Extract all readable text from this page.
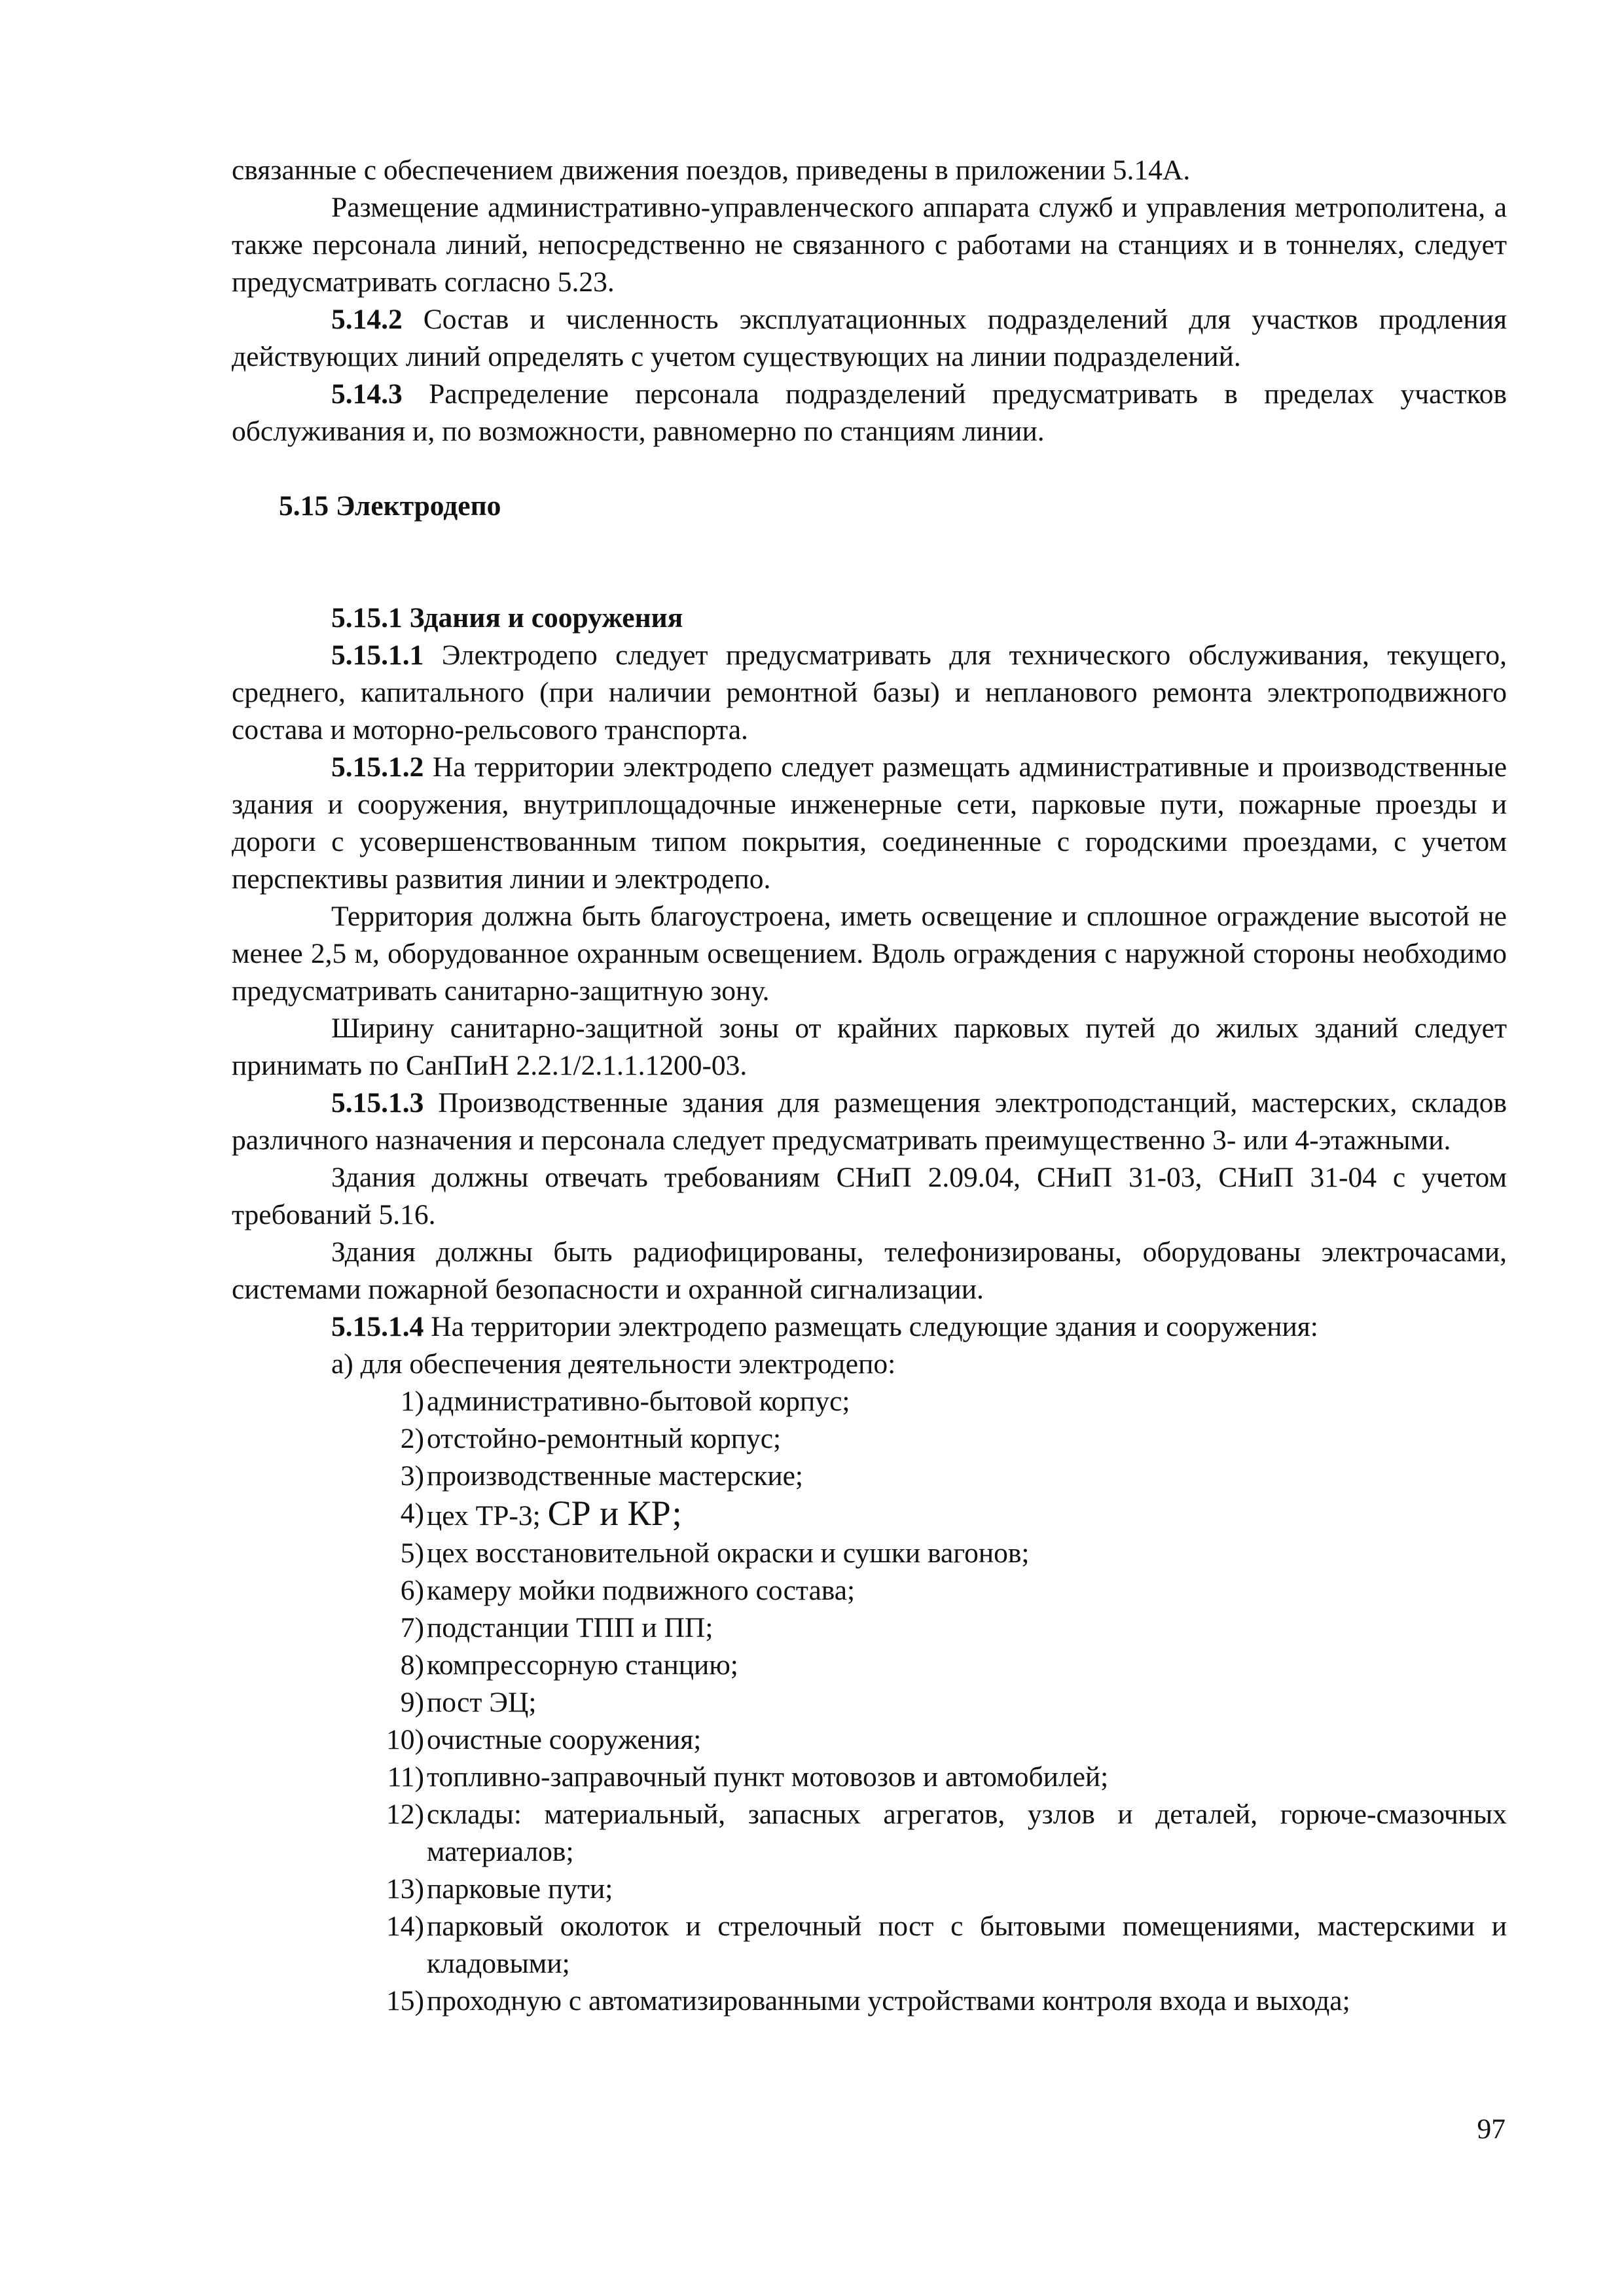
связанные с обеспечением движения поездов, приведены в приложении 5.14А.

Размещение административно-управленческого аппарата служб и управления метрополитена, а также персонала линий, непосредственно не связанного с работами на станциях и в тоннелях, следует предусматривать согласно 5.23.

5.14.2 Состав и численность эксплуатационных подразделений для участков продления действующих линий определять с учетом существующих на линии подразделений.

5.14.3 Распределение персонала подразделений предусматривать в пределах участков обслуживания и, по возможности, равномерно по станциям линии.

5.15 Электродепо

5.15.1 Здания и сооружения

5.15.1.1 Электродепо следует предусматривать для технического обслуживания, текущего, среднего, капитального (при наличии ремонтной базы) и непланового ремонта электроподвижного состава и моторно-рельсового транспорта.

5.15.1.2 На территории электродепо следует размещать административные и производственные здания и сооружения, внутриплощадочные инженерные сети, парковые пути, пожарные проезды и дороги с усовершенствованным типом покрытия, соединенные с городскими проездами, с учетом перспективы развития линии и электродепо.

Территория должна быть благоустроена, иметь освещение и сплошное ограждение высотой не менее 2,5 м, оборудованное охранным освещением. Вдоль ограждения с наружной стороны необходимо предусматривать санитарно-защитную зону.

Ширину санитарно-защитной зоны от крайних парковых путей до жилых зданий следует принимать по СанПиН 2.2.1/2.1.1.1200-03.

5.15.1.3 Производственные здания для размещения электроподстанций, мастерских, складов различного назначения и персонала следует предусматривать преимущественно 3- или 4-этажными.

Здания должны отвечать требованиям СНиП 2.09.04, СНиП 31-03, СНиП 31-04 с учетом требований 5.16.

Здания должны быть радиофицированы, телефонизированы, оборудованы электрочасами, системами пожарной безопасности и охранной сигнализации.

5.15.1.4 На территории электродепо размещать следующие здания и сооружения:

а) для обеспечения деятельности электродепо:

1) административно-бытовой корпус;
2) отстойно-ремонтный корпус;
3) производственные мастерские;
4) цех ТР-3; СР и КР;
5) цех восстановительной окраски и сушки вагонов;
6) камеру мойки подвижного состава;
7) подстанции ТПП и ПП;
8) компрессорную станцию;
9) пост ЭЦ;
10) очистные сооружения;
11) топливно-заправочный пункт мотовозов и автомобилей;
12) склады: материальный, запасных агрегатов, узлов и деталей, горюче-смазочных материалов;
13) парковые пути;
14) парковый околоток и стрелочный пост с бытовыми помещениями, мастерскими и кладовыми;
15) проходную с автоматизированными устройствами контроля входа и выхода;
97
